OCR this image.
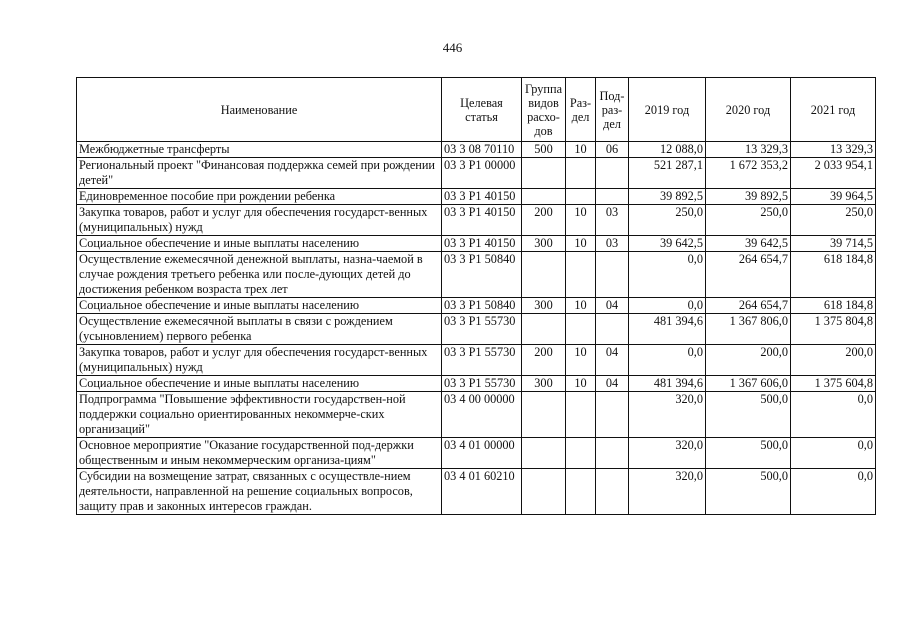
446
Наименование	Целевая статья	Группа видов расхо-дов	Раз-дел	Под-раз-дел	2019 год	2020 год	2021 год
Межбюджетные трансферты	03 3 08 70110	500	10	06	12 088,0	13 329,3	13 329,3
Региональный проект "Финансовая поддержка семей при рождении детей"	03 3 P1 00000				521 287,1	1 672 353,2	2 033 954,1
Единовременное пособие при рождении ребенка	03 3 P1 40150				39 892,5	39 892,5	39 964,5
Закупка товаров, работ и услуг для обеспечения государст-венных (муниципальных) нужд	03 3 P1 40150	200	10	03	250,0	250,0	250,0
Социальное обеспечение и иные выплаты населению	03 3 P1 40150	300	10	03	39 642,5	39 642,5	39 714,5
Осуществление ежемесячной денежной выплаты, назна-чаемой в случае рождения третьего ребенка или после-дующих детей до достижения ребенком возраста трех лет	03 3 P1 50840				0,0	264 654,7	618 184,8
Социальное обеспечение и иные выплаты населению	03 3 P1 50840	300	10	04	0,0	264 654,7	618 184,8
Осуществление ежемесячной выплаты в связи с рождением (усыновлением) первого ребенка	03 3 P1 55730				481 394,6	1 367 806,0	1 375 804,8
Закупка товаров, работ и услуг для обеспечения государст-венных (муниципальных) нужд	03 3 P1 55730	200	10	04	0,0	200,0	200,0
Социальное обеспечение и иные выплаты населению	03 3 P1 55730	300	10	04	481 394,6	1 367 606,0	1 375 604,8
Подпрограмма "Повышение эффективности государствен-ной поддержки социально ориентированных некоммерче-ских организаций"	03 4 00 00000				320,0	500,0	0,0
Основное мероприятие "Оказание государственной под-держки общественным и иным некоммерческим организа-циям"	03 4 01 00000				320,0	500,0	0,0
Субсидии на возмещение затрат, связанных с осуществле-нием деятельности, направленной на решение социальных вопросов, защиту прав и законных интересов граждан.	03 4 01 60210				320,0	500,0	0,0
